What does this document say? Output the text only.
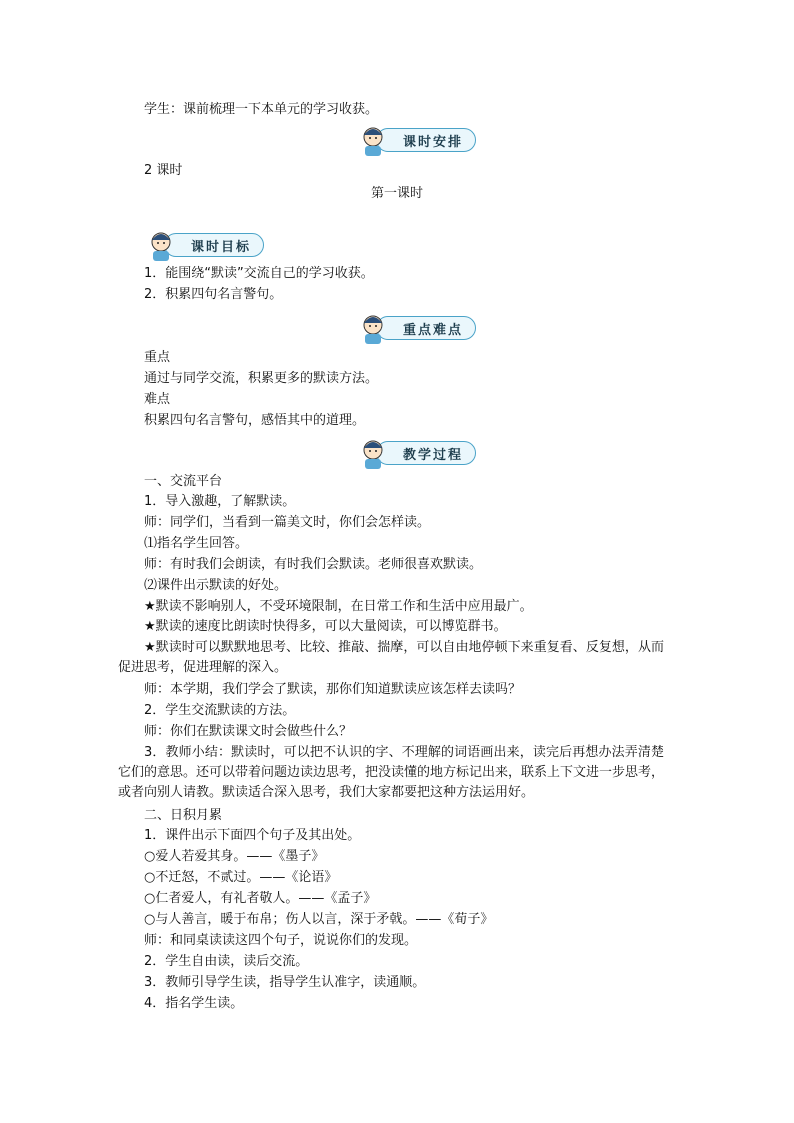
学生：课前梳理一下本单元的学习收获。
课时安排
2 课时
第一课时
课时目标
1．能围绕“默读”交流自己的学习收获。
2．积累四句名言警句。
重点难点
重点
通过与同学交流，积累更多的默读方法。
难点
积累四句名言警句，感悟其中的道理。
教学过程
一、交流平台
1．导入激趣，了解默读。
师：同学们，当看到一篇美文时，你们会怎样读。
⑴指名学生回答。
师：有时我们会朗读，有时我们会默读。老师很喜欢默读。
⑵课件出示默读的好处。
★默读不影响别人，不受环境限制，在日常工作和生活中应用最广。
★默读的速度比朗读时快得多，可以大量阅读，可以博览群书。
★默读时可以默默地思考、比较、推敲、揣摩，可以自由地停顿下来重复看、反复想，从而促进思考，促进理解的深入。
师：本学期，我们学会了默读，那你们知道默读应该怎样去读吗？
2．学生交流默读的方法。
师：你们在默读课文时会做些什么？
3．教师小结：默读时，可以把不认识的字、不理解的词语画出来，读完后再想办法弄清楚它们的意思。还可以带着问题边读边思考，把没读懂的地方标记出来，联系上下文进一步思考，或者向别人请教。默读适合深入思考，我们大家都要把这种方法运用好。
二、日积月累
1．课件出示下面四个句子及其出处。
○爱人若爱其身。——《墨子》
○不迁怒，不贰过。——《论语》
○仁者爱人，有礼者敬人。——《孟子》
○与人善言，暖于布帛；伤人以言，深于矛戟。——《荀子》
师：和同桌读读这四个句子，说说你们的发现。
2．学生自由读，读后交流。
3．教师引导学生读，指导学生认准字，读通顺。
4．指名学生读。
